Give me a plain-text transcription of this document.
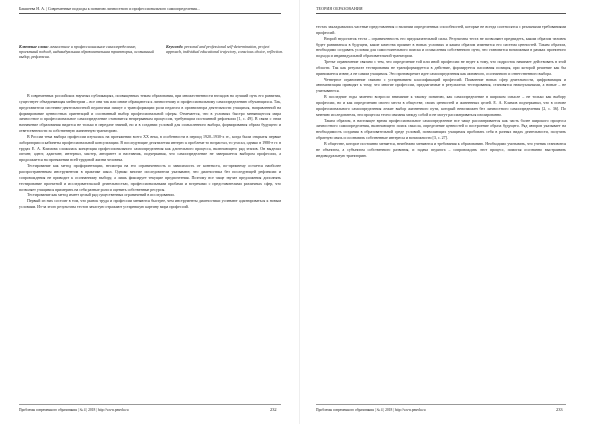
Бакшеева Н. А. | Современные подходы к понятию личностного и профессионального самоопределения...
Ключевые слова: личностное и профессиональное самоопределение, проектный подход, индивидуальная образовательная траектория, осознанный выбор, рефлексия.
Keywords: personal and professional self-determination, project approach, individual educational trajectory, conscious choice, reflection.

В современных российских научных публикациях, посвященных темам образования, при множественности взглядов на лучший путь его развития, существует объединяющая мейнстрим – все они так или иначе обращаются к личностному и профессиональному самоопределению обучающихся. Так, представители системно-деятельностной педагогики пишут о трансформации роли педагога в организатора деятельности учащихся, направленной на формирование ценностных ориентаций и осознанный выбор профессиональной сферы. Отмечается, что в условиях быстро меняющегося мира личностное и профессиональное самоопределение становится непрерывным процессом, требующим постоянной рефлексии [1, с. 49]. В связи с этим назначение образования видится не только в передаче знаний, но и в создании условий для осмысленного выбора, формирования образа будущего и ответственности за собственную жизненную траекторию.

В России тема выбора профессии изучалась на протяжении всего XX века, в особенности в период 1920–1930-х гг., когда были открыты первые лаборатории и кабинеты профессиональной консультации. В последующие десятилетия интерес к проблеме то возрастал, то угасал, однако в 1980-е гг. в трудах Е. А. Климова сложилась концепция профессионального самоопределения как длительного процесса, включающего ряд этапов. Он выделял оптант, адепт, адаптант, интернал, мастер, авторитет и наставник, подчеркивая, что самоопределение не завершается выбором профессии, а продолжается на протяжении всей трудовой жизни человека.

Тестирование как метод профориентации, несмотря на его ограниченность и зависимость от контекста, по-прежнему остается наиболее распространенным инструментом в практике школ. Однако многие исследователи указывают, что диагностика без последующей рефлексии и сопровождения не приводит к осознанному выбору, а лишь фиксирует текущие предпочтения. Поэтому все чаще звучат предложения дополнять тестирование проектной и исследовательской деятельностью, профессиональными пробами и встречами с представителями различных сфер, что позволяет учащимся примерить на себя разные роли и оценить собственные ресурсы.

Тестирование как метод имеет целый ряд существенных ограничений в исследовании.

Первый из них состоит в том, что рынок труда и профессии меняются быстрее, чем инструменты диагностики успевают адаптироваться к новым условиям. Из-за этого результаты тестов зачастую отражают устаревшую картину мира профессий.

Проблемы современного образования | № 4 | 2018 | http://www.pmedu.ru	232
ТЕОРИЯ ОБРАЗОВАНИЯ

тестах закладывались частные представления о наличии определенных способностей, которые не всегда соотносятся с реальными требованиями профессий.

Второй недостаток теста – ограниченность его предсказательной силы. Результаты теста не позволяют предвидеть, каким образом человек будет развиваться в будущем, какие качества проявит в новых условиях и каким образом изменится его система ценностей. Таким образом, необходимо создавать условия для самостоятельного поиска и осмысления собственного пути, что становится возможным в рамках проектного подхода и индивидуальной образовательной траектории.

Третье ограничение связано с тем, что определение той или иной профессии не ведет к тому, что подросток начинает действовать в этой области. Так как результат тестирования не трансформируется в действие, формируется пассивная позиция, при которой решение как бы принимается извне, а не самим учащимся. Это противоречит идее самоопределения как активного, осознанного и ответственного выбора.

Четвертое ограничение связано с устареванием классификаций профессий. Появление новых сфер деятельности, цифровизация и автоматизация приводят к тому, что многие профессии, предлагаемые в результатах тестирования, становятся неактуальными, а новые – не учитываются.

В последние годы заметно возросло внимание к такому понятию, как самоопределение в широком смысле – не только как выбору профессии, но и как определению своего места в обществе, своих ценностей и жизненных целей. Е. А. Климов подчеркивал, что в основе профессионального самоопределения лежит выбор жизненного пути, который невозможен без личностного самоопределения [2, с. 36]. По мнению исследователя, эти процессы тесно связаны между собой и не могут рассматриваться изолированно.

Таким образом, в настоящее время профессиональное самоопределение все чаще рассматривается как часть более широкого процесса личностного самоопределения, включающего поиск смысла, определение ценностей и построение образа будущего. Ряд авторов указывает на необходимость создания в образовательной среде условий, позволяющих учащимся пробовать себя в разных видах деятельности, получать обратную связь и осознавать собственные интересы и возможности [3, с. 27].

В обществе, которое постоянно меняется, неизбежно меняются и требования к образованию. Необходимо учитывать, что ученик становится не объектом, а субъектом собственного развития, и задача педагога – сопровождать этот процесс, помогая осознанно выстраивать индивидуальную траекторию.

Проблемы современного образования | № 4 | 2018 | http://www.pmedu.ru	233
